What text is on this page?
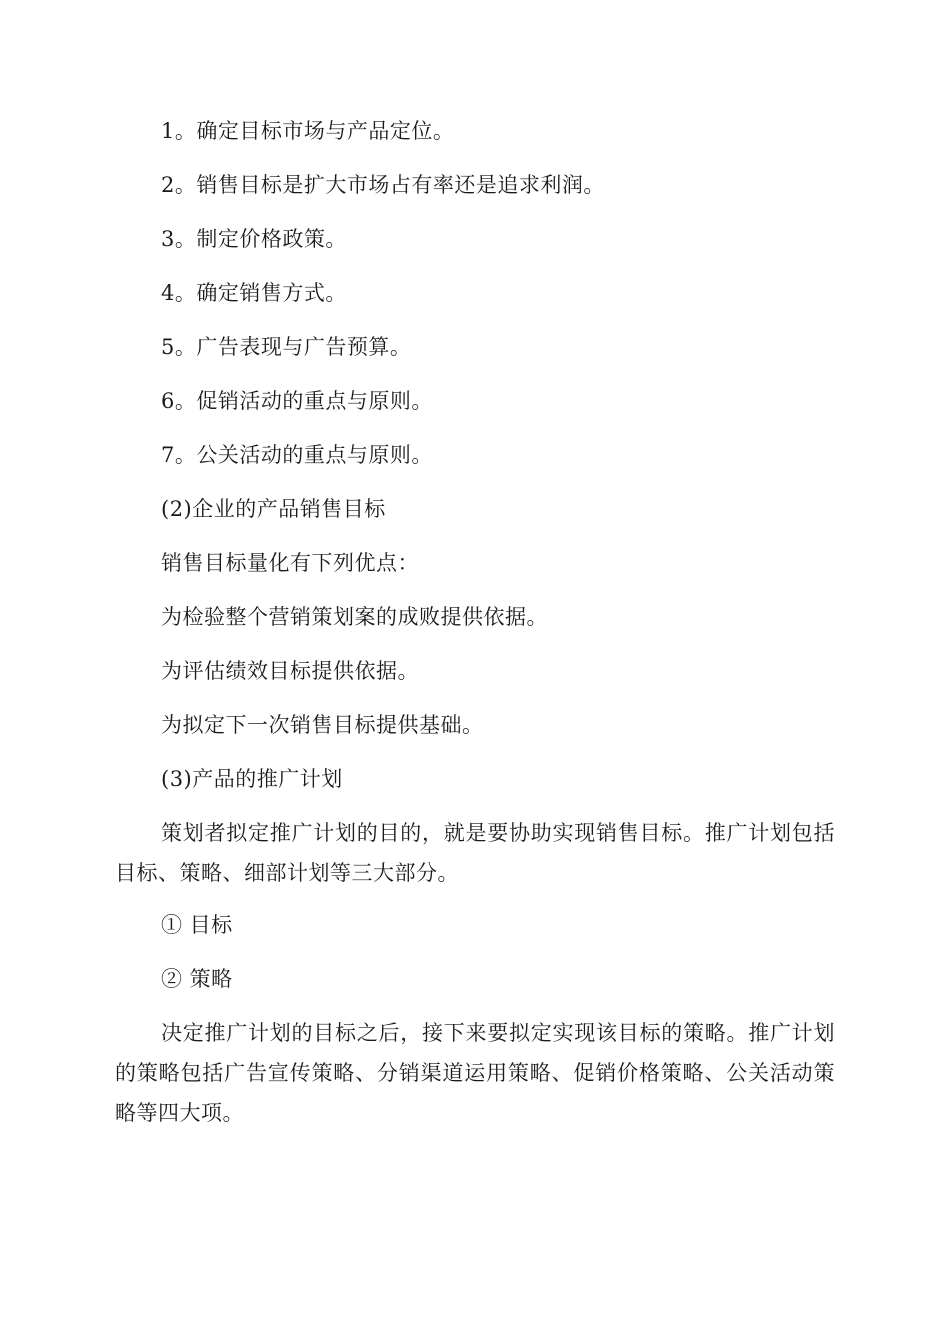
1。确定目标市场与产品定位。
2。销售目标是扩大市场占有率还是追求利润。
3。制定价格政策。
4。确定销售方式。
5。广告表现与广告预算。
6。促销活动的重点与原则。
7。公关活动的重点与原则。
(2)企业的产品销售目标
销售目标量化有下列优点：
为检验整个营销策划案的成败提供依据。
为评估绩效目标提供依据。
为拟定下一次销售目标提供基础。
(3)产品的推广计划
策划者拟定推广计划的目的，就是要协助实现销售目标。推广计划包括目标、策略、细部计划等三大部分。
① 目标
② 策略
决定推广计划的目标之后，接下来要拟定实现该目标的策略。推广计划的策略包括广告宣传策略、分销渠道运用策略、促销价格策略、公关活动策略等四大项。
